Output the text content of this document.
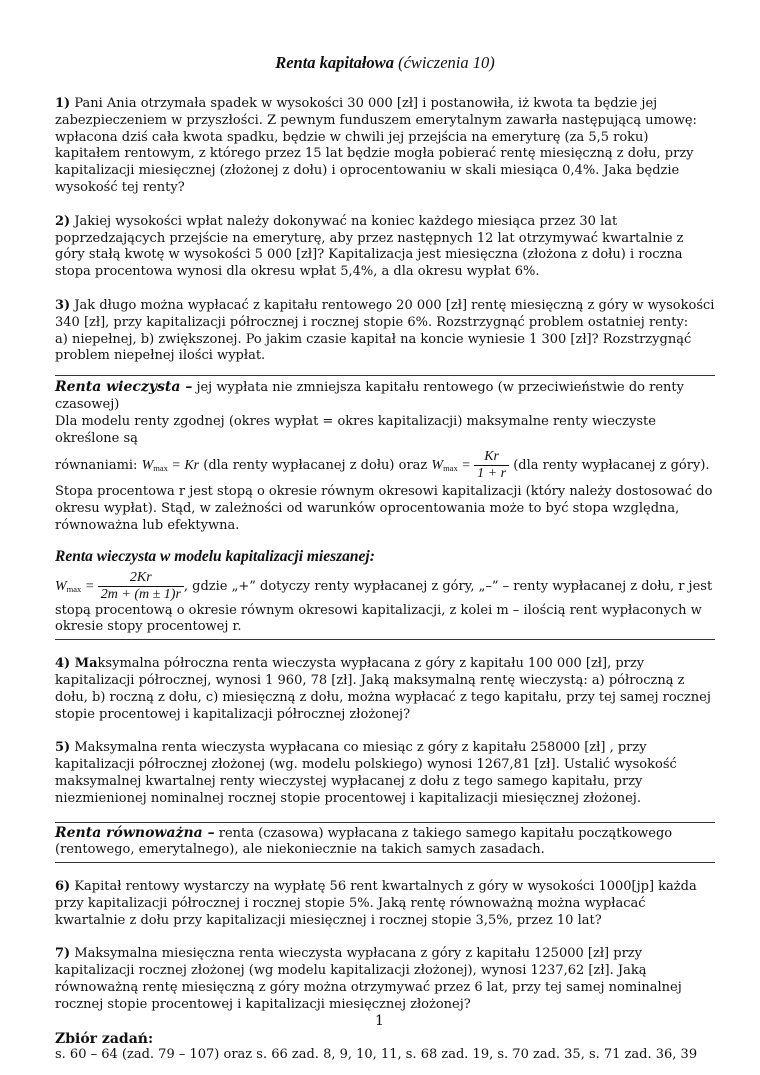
Renta kapitałowa (ćwiczenia 10)

1) Pani Ania otrzymała spadek w wysokości 30 000 [zł] i postanowiła, iż kwota ta będzie jej zabezpieczeniem w przyszłości. Z pewnym funduszem emerytalnym zawarła następującą umowę: wpłacona dziś cała kwota spadku, będzie w chwili jej przejścia na emeryturę (za 5,5 roku) kapitałem rentowym, z którego przez 15 lat będzie mogła pobierać rentę miesięczną z dołu, przy kapitalizacji miesięcznej (złożonej z dołu) i oprocentowaniu w skali miesiąca 0,4%. Jaka będzie wysokość tej renty?

2) Jakiej wysokości wpłat należy dokonywać na koniec każdego miesiąca przez 30 lat poprzedzających przejście na emeryturę, aby przez następnych 12 lat otrzymywać kwartalnie z góry stałą kwotę w wysokości 5 000 [zł]? Kapitalizacja jest miesięczna (złożona z dołu) i roczna stopa procentowa wynosi dla okresu wpłat 5,4%, a dla okresu wypłat 6%.

3) Jak długo można wypłacać z kapitału rentowego 20 000 [zł] rentę miesięczną z góry w wysokości 340 [zł], przy kapitalizacji półrocznej i rocznej stopie 6%. Rozstrzygnąć problem ostatniej renty:
a) niepełnej, b) zwiększonej. Po jakim czasie kapitał na koncie wyniesie 1 300 [zł]? Rozstrzygnąć problem niepełnej ilości wypłat.

Renta wieczysta – jej wypłata nie zmniejsza kapitału rentowego (w przeciwieństwie do renty czasowej)

Dla modelu renty zgodnej (okres wypłat = okres kapitalizacji) maksymalne renty wieczyste określone są

równaniami: $W_{max} = Kr$ (dla renty wypłacanej z dołu) oraz $W_{max} = \frac{Kr}{1 + r} (dla$ renty wypłacanej z góry).

Stopa procentowa r jest stopą o okresie równym okresowi kapitalizacji (który należy dostosować do okresu wypłat). Stąd, w zależności od warunków oprocentowania może to być stopa względna, równoważna lub efektywna.

Renta wieczysta w modelu kapitalizacji mieszanej:

$W_{max} = \frac{2Kr}{2m + (m \pm 1)r}$ , gdzie „+” dotyczy renty wypłacanej z góry, „–” – renty wypłacanej z dołu, r jest

stopą procentową o okresie równym okresowi kapitalizacji, z kolei m – ilością rent wypłaconych w okresie stopy procentowej r.

4) Maksymalna półroczna renta wieczysta wypłacana z góry z kapitału 100 000 [zł], przy kapitalizacji półrocznej, wynosi 1 960, 78 [zł]. Jaką maksymalną rentę wieczystą: a) półroczną z dołu, b) roczną z dołu, c) miesięczną z dołu, można wypłacać z tego kapitału, przy tej samej rocznej stopie procentowej i kapitalizacji półrocznej złożonej?

5) Maksymalna renta wieczysta wypłacana co miesiąc z góry z kapitału 258000 [zł] , przy kapitalizacji półrocznej złożonej (wg. modelu polskiego) wynosi 1267,81 [zł]. Ustalić wysokość maksymalnej kwartalnej renty wieczystej wypłacanej z dołu z tego samego kapitału, przy niezmienionej nominalnej rocznej stopie procentowej i kapitalizacji miesięcznej złożonej.

Renta równoważna – renta (czasowa) wypłacana z takiego samego kapitału początkowego (rentowego, emerytalnego), ale niekoniecznie na takich samych zasadach.

6) Kapitał rentowy wystarczy na wypłatę 56 rent kwartalnych z góry w wysokości 1000[jp] każda przy kapitalizacji półrocznej i rocznej stopie 5%. Jaką rentę równoważną można wypłacać kwartalnie z dołu przy kapitalizacji miesięcznej i rocznej stopie 3,5%, przez 10 lat?

7) Maksymalna miesięczna renta wieczysta wypłacana z góry z kapitału 125000 [zł] przy kapitalizacji rocznej złożonej (wg modelu kapitalizacji złożonej), wynosi 1237,62 [zł]. Jaką równoważną rentę miesięczną z góry można otrzymywać przez 6 lat, przy tej samej nominalnej rocznej stopie procentowej i kapitalizacji miesięcznej złożonej?

Zbiór zadań:

s. 60 – 64 (zad. 79 – 107) oraz s. 66 zad. 8, 9, 10, 11, s. 68 zad. 19, s. 70 zad. 35, s. 71 zad. 36, 39

1
